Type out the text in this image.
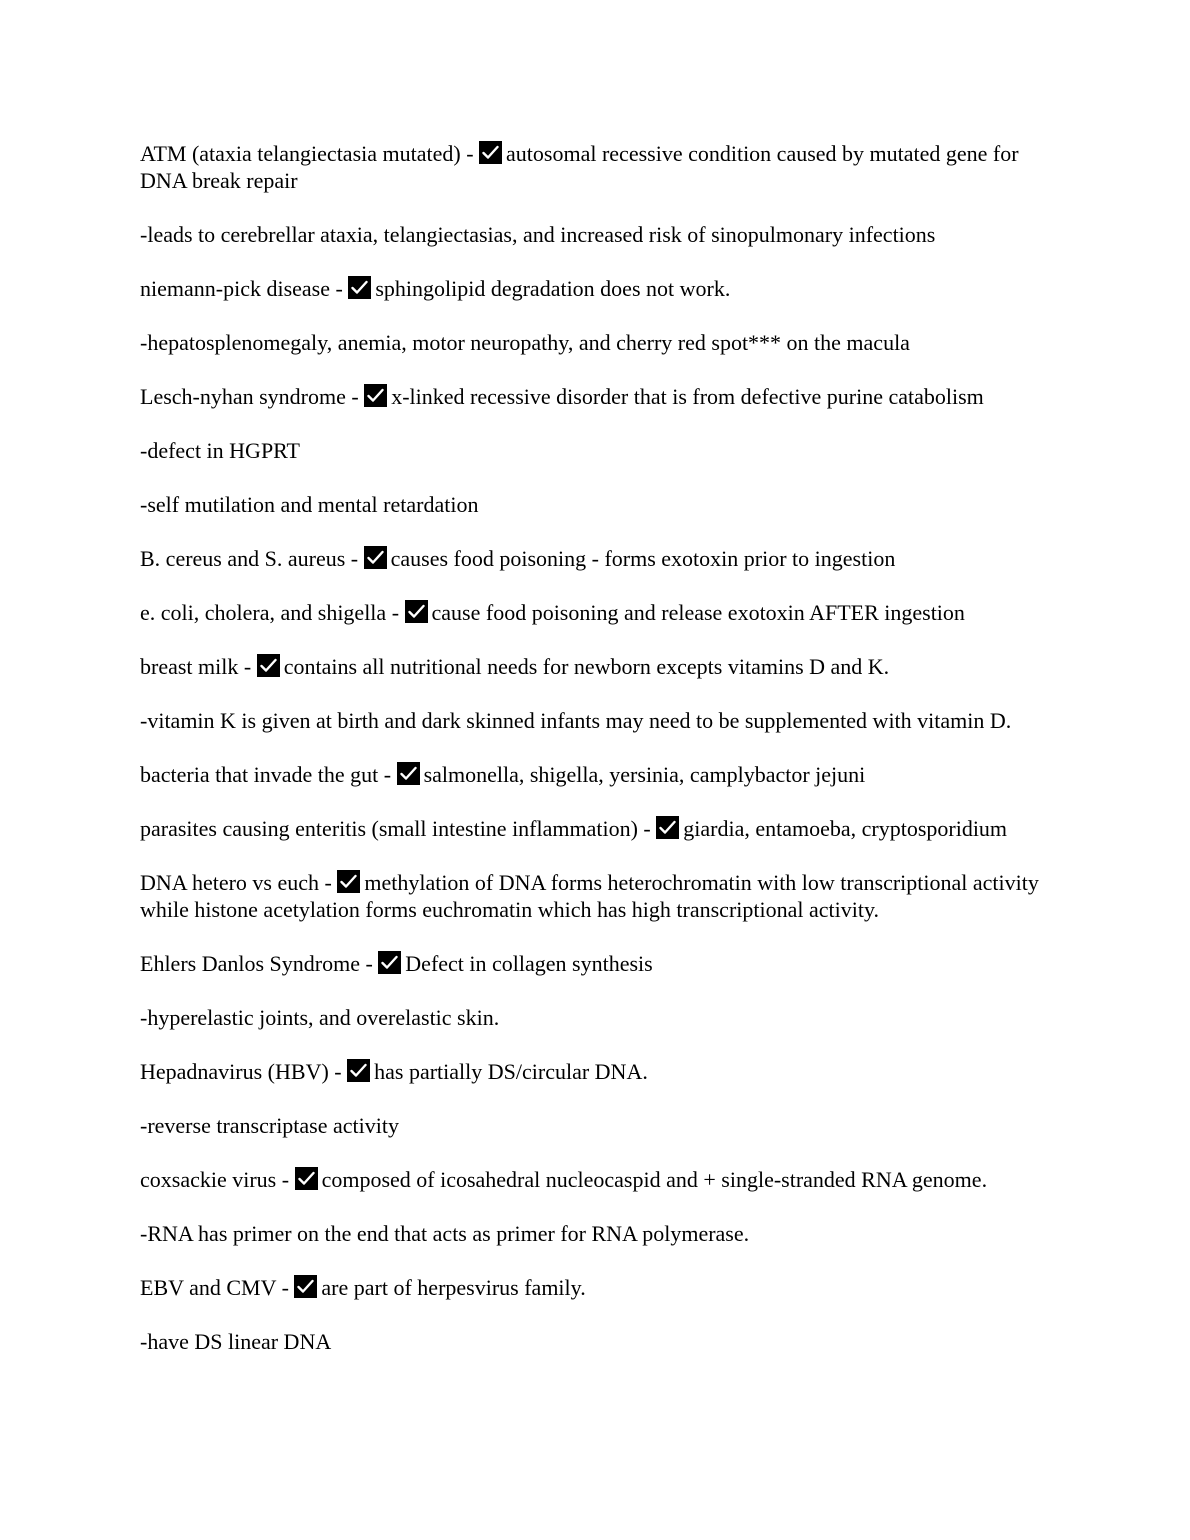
ATM (ataxia telangiectasia mutated) -
autosomal recessive condition caused by mutated gene for DNA break repair
-leads to cerebrellar ataxia, telangiectasias, and increased risk of sinopulmonary infections
niemann-pick disease -
sphingolipid degradation does not work.
-hepatosplenomegaly, anemia, motor neuropathy, and cherry red spot*** on the macula
Lesch-nyhan syndrome -
x-linked recessive disorder that is from defective purine catabolism
-defect in HGPRT
-self mutilation and mental retardation
B. cereus and S. aureus -
causes food poisoning - forms exotoxin prior to ingestion
e. coli, cholera, and shigella -
cause food poisoning and release exotoxin AFTER ingestion
breast milk -
contains all nutritional needs for newborn excepts vitamins D and K.
-vitamin K is given at birth and dark skinned infants may need to be supplemented with vitamin D.
bacteria that invade the gut -
salmonella, shigella, yersinia, camplybactor jejuni
parasites causing enteritis (small intestine inflammation) -
giardia, entamoeba, cryptosporidium
DNA hetero vs euch -
methylation of DNA forms heterochromatin with low transcriptional activity while histone acetylation forms euchromatin which has high transcriptional activity.
Ehlers Danlos Syndrome -
Defect in collagen synthesis
-hyperelastic joints, and overelastic skin.
Hepadnavirus (HBV) -
has partially DS/circular DNA.
-reverse transcriptase activity
coxsackie virus -
composed of icosahedral nucleocaspid and + single-stranded RNA genome.
-RNA has primer on the end that acts as primer for RNA polymerase.
EBV and CMV -
are part of herpesvirus family.
-have DS linear DNA
